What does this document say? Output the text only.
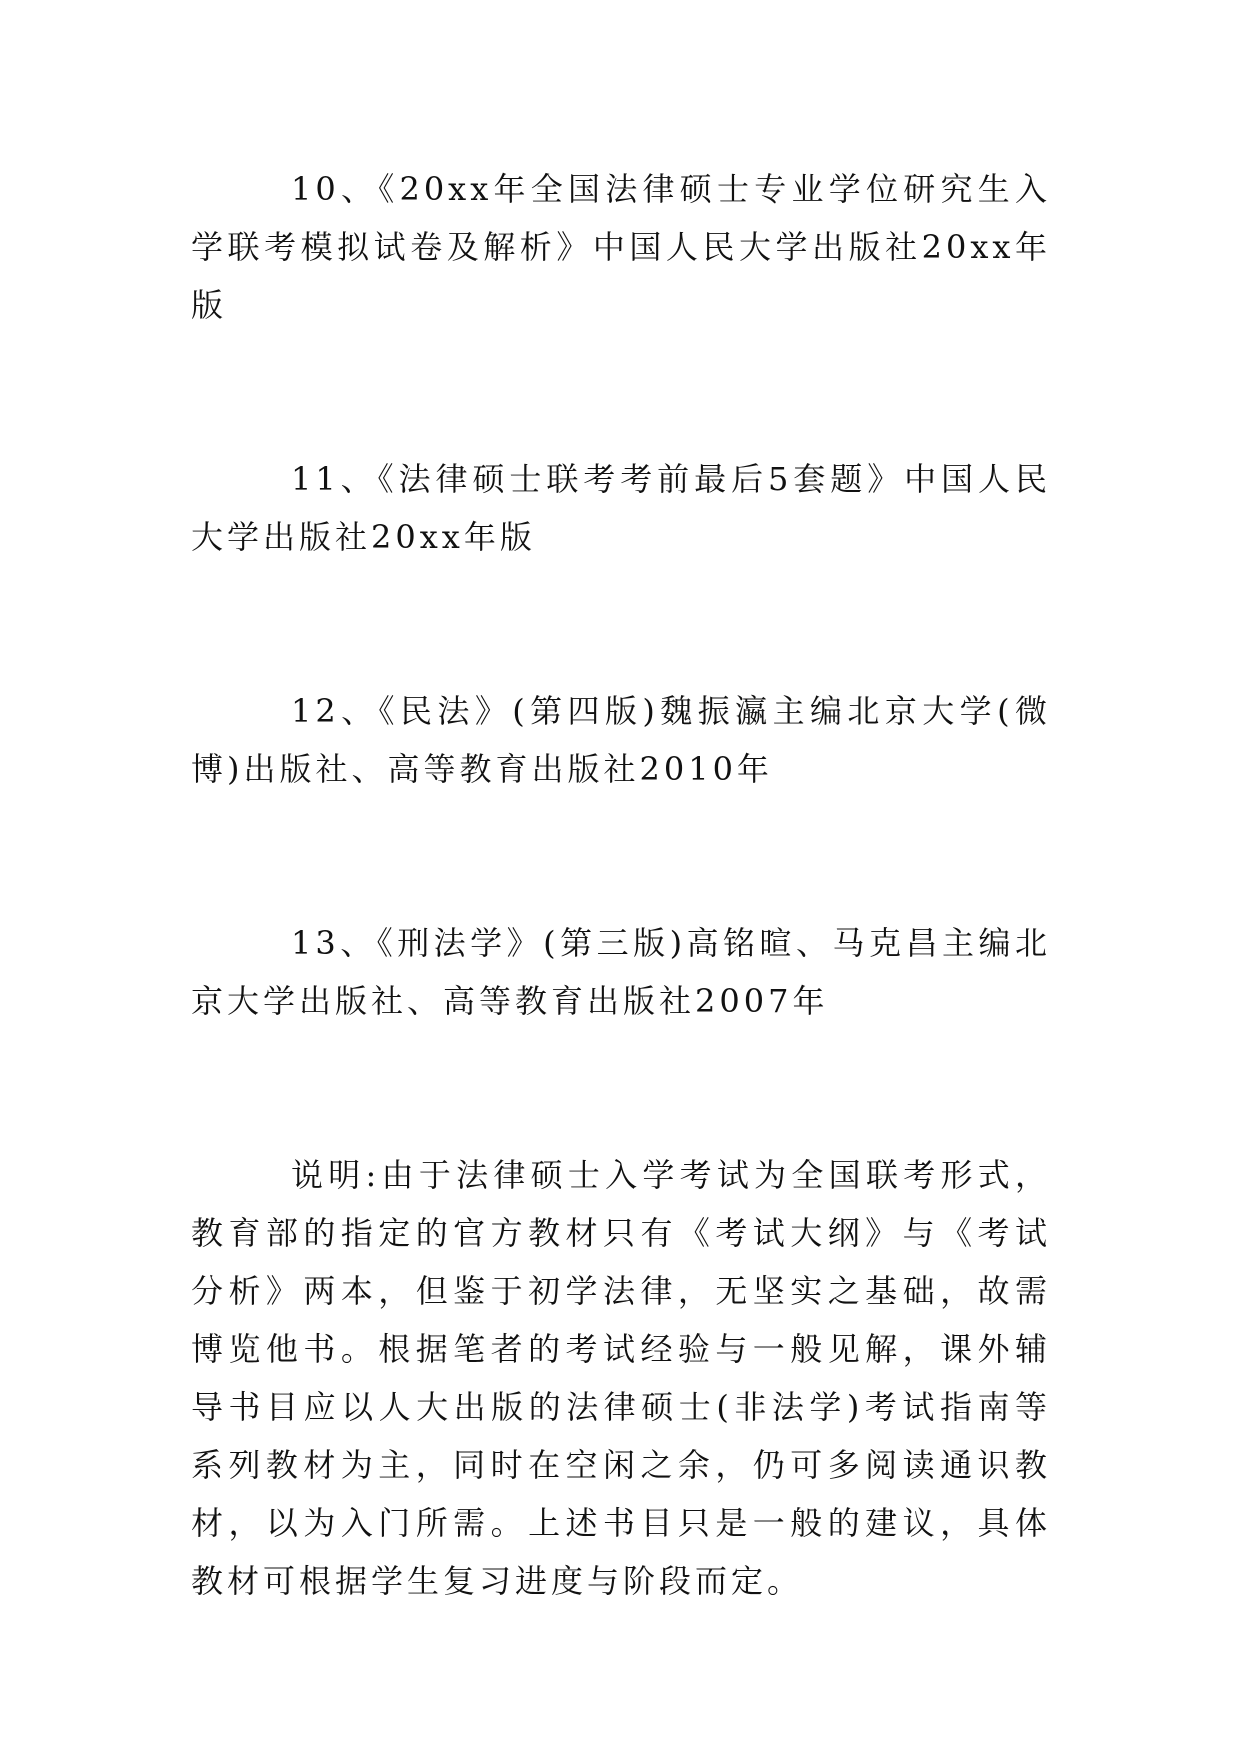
10、《20xx年全国法律硕士专业学位研究生入学联考模拟试卷及解析》中国人民大学出版社20xx年版

11、《法律硕士联考考前最后5套题》中国人民大学出版社20xx年版

12、《民法》(第四版)魏振瀛主编北京大学(微博)出版社、高等教育出版社2010年

13、《刑法学》(第三版)高铭暄、马克昌主编北京大学出版社、高等教育出版社2007年

说明:由于法律硕士入学考试为全国联考形式，教育部的指定的官方教材只有《考试大纲》与《考试分析》两本，但鉴于初学法律，无坚实之基础，故需博览他书。根据笔者的考试经验与一般见解，课外辅导书目应以人大出版的法律硕士(非法学)考试指南等系列教材为主，同时在空闲之余，仍可多阅读通识教材，以为入门所需。上述书目只是一般的建议，具体教材可根据学生复习进度与阶段而定。
